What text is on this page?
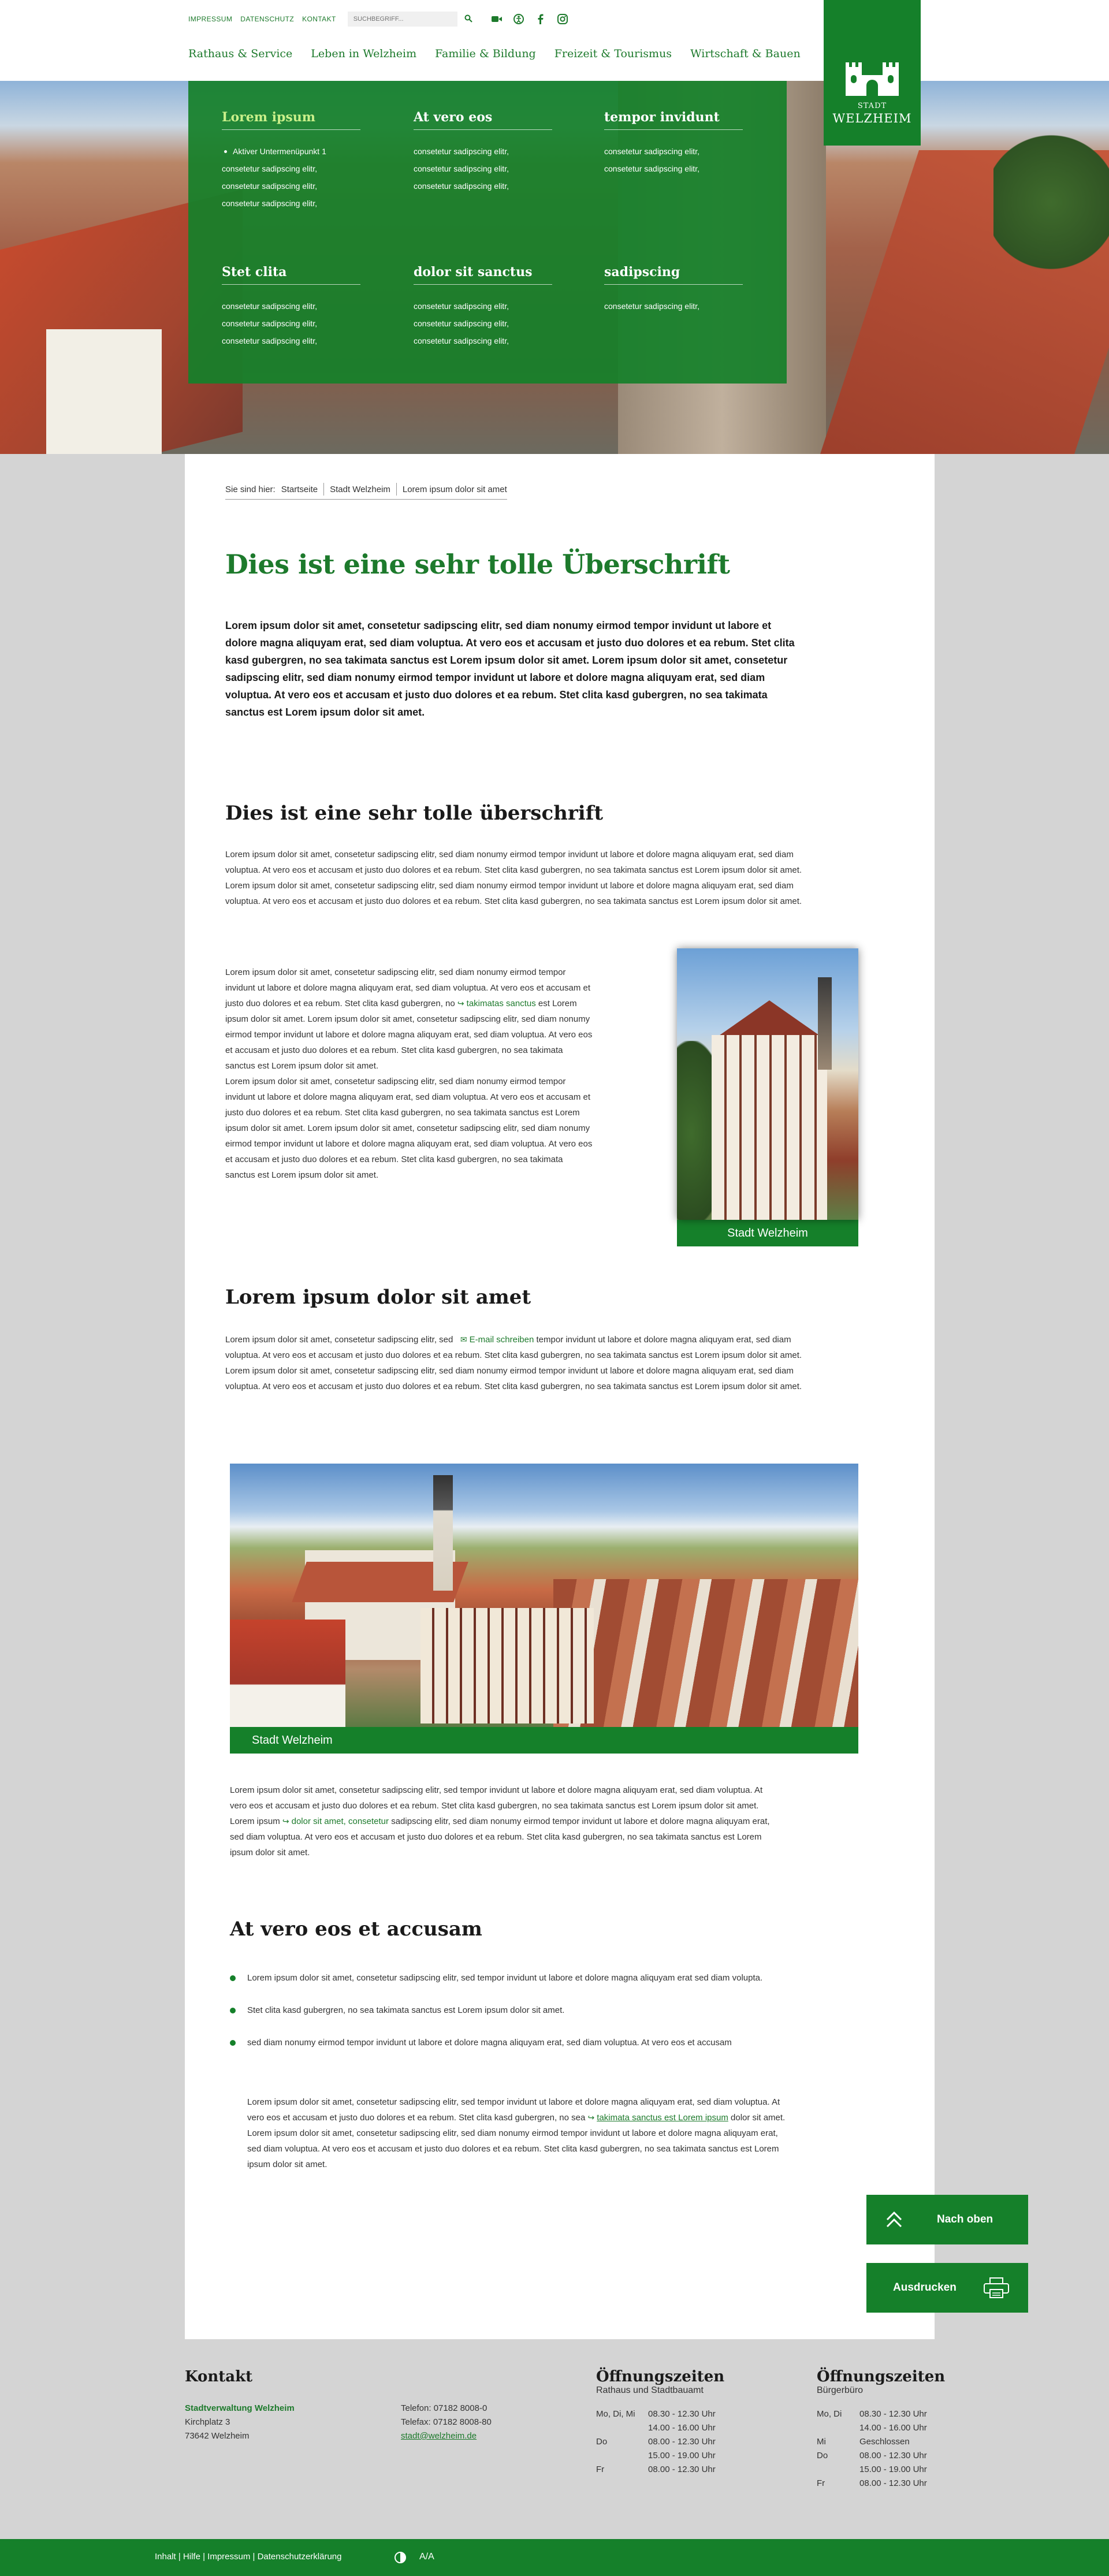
IMPRESSUM DATENSCHUTZ KONTAKT
SUCHBEGRIFF...
Rathaus & Service Leben in Welzheim Familie & Bildung Freizeit & Tourismus Wirtschaft & Bauen
STADT
WELZHEIM
Lorem ipsum
Aktiver Untermenüpunkt 1
consetetur sadipscing elitr,
consetetur sadipscing elitr,
consetetur sadipscing elitr,
At vero eos
consetetur sadipscing elitr,
consetetur sadipscing elitr,
consetetur sadipscing elitr,
tempor invidunt
consetetur sadipscing elitr,
consetetur sadipscing elitr,
Stet clita
consetetur sadipscing elitr,
consetetur sadipscing elitr,
consetetur sadipscing elitr,
dolor sit sanctus
consetetur sadipscing elitr,
consetetur sadipscing elitr,
consetetur sadipscing elitr,
sadipscing
consetetur sadipscing elitr,
Sie sind hier: Startseite	Stadt Welzheim	Lorem ipsum dolor sit amet
Dies ist eine sehr tolle Überschrift

Lorem ipsum dolor sit amet, consetetur sadipscing elitr, sed diam nonumy eirmod tempor invidunt ut labore et dolore magna aliquyam erat, sed diam voluptua. At vero eos et accusam et justo duo dolores et ea rebum. Stet clita kasd gubergren, no sea takimata sanctus est Lorem ipsum dolor sit amet. Lorem ipsum dolor sit amet, consetetur sadipscing elitr, sed diam nonumy eirmod tempor invidunt ut labore et dolore magna aliquyam erat, sed diam voluptua. At vero eos et accusam et justo duo dolores et ea rebum. Stet clita kasd gubergren, no sea takimata sanctus est Lorem ipsum dolor sit amet.

Dies ist eine sehr tolle überschrift

Lorem ipsum dolor sit amet, consetetur sadipscing elitr, sed diam nonumy eirmod tempor invidunt ut labore et dolore magna aliquyam erat, sed diam voluptua. At vero eos et accusam et justo duo dolores et ea rebum. Stet clita kasd gubergren, no sea takimata sanctus est Lorem ipsum dolor sit amet. Lorem ipsum dolor sit amet, consetetur sadipscing elitr, sed diam nonumy eirmod tempor invidunt ut labore et dolore magna aliquyam erat, sed diam voluptua. At vero eos et accusam et justo duo dolores et ea rebum. Stet clita kasd gubergren, no sea takimata sanctus est Lorem ipsum dolor sit amet.

Lorem ipsum dolor sit amet, consetetur sadipscing elitr, sed diam nonumy eirmod tempor invidunt ut labore et dolore magna aliquyam erat, sed diam voluptua. At vero eos et accusam et justo duo dolores et ea rebum. Stet clita kasd gubergren, no ↪ takimatas sanctus est Lorem ipsum dolor sit amet. Lorem ipsum dolor sit amet, consetetur sadipscing elitr, sed diam nonumy eirmod tempor invidunt ut labore et dolore magna aliquyam erat, sed diam voluptua. At vero eos et accusam et justo duo dolores et ea rebum. Stet clita kasd gubergren, no sea takimata sanctus est Lorem ipsum dolor sit amet.
Lorem ipsum dolor sit amet, consetetur sadipscing elitr, sed diam nonumy eirmod tempor invidunt ut labore et dolore magna aliquyam erat, sed diam voluptua. At vero eos et accusam et justo duo dolores et ea rebum. Stet clita kasd gubergren, no sea takimata sanctus est Lorem ipsum dolor sit amet. Lorem ipsum dolor sit amet, consetetur sadipscing elitr, sed diam nonumy eirmod tempor invidunt ut labore et dolore magna aliquyam erat, sed diam voluptua. At vero eos et accusam et justo duo dolores et ea rebum. Stet clita kasd gubergren, no sea takimata sanctus est Lorem ipsum dolor sit amet.
Stadt Welzheim
Lorem ipsum dolor sit amet
Lorem ipsum dolor sit amet, consetetur sadipscing elitr, sed ✉ E-mail schreiben tempor invidunt ut labore et dolore magna aliquyam erat, sed diam voluptua. At vero eos et accusam et justo duo dolores et ea rebum. Stet clita kasd gubergren, no sea takimata sanctus est Lorem ipsum dolor sit amet. Lorem ipsum dolor sit amet, consetetur sadipscing elitr, sed diam nonumy eirmod tempor invidunt ut labore et dolore magna aliquyam erat, sed diam voluptua. At vero eos et accusam et justo duo dolores et ea rebum. Stet clita kasd gubergren, no sea takimata sanctus est Lorem ipsum dolor sit amet.
Stadt Welzheim
Lorem ipsum dolor sit amet, consetetur sadipscing elitr, sed tempor invidunt ut labore et dolore magna aliquyam erat, sed diam voluptua. At vero eos et accusam et justo duo dolores et ea rebum. Stet clita kasd gubergren, no sea takimata sanctus est Lorem ipsum dolor sit amet. Lorem ipsum ↪ dolor sit amet, consetetur sadipscing elitr, sed diam nonumy eirmod tempor invidunt ut labore et dolore magna aliquyam erat, sed diam voluptua. At vero eos et accusam et justo duo dolores et ea rebum. Stet clita kasd gubergren, no sea takimata sanctus est Lorem ipsum dolor sit amet.
At vero eos et accusam
Lorem ipsum dolor sit amet, consetetur sadipscing elitr, sed tempor invidunt ut labore et dolore magna aliquyam erat sed diam volupta.
Stet clita kasd gubergren, no sea takimata sanctus est Lorem ipsum dolor sit amet.
sed diam nonumy eirmod tempor invidunt ut labore et dolore magna aliquyam erat, sed diam voluptua. At vero eos et accusam
Lorem ipsum dolor sit amet, consetetur sadipscing elitr, sed tempor invidunt ut labore et dolore magna aliquyam erat, sed diam voluptua. At vero eos et accusam et justo duo dolores et ea rebum. Stet clita kasd gubergren, no sea ↪ takimata sanctus est Lorem ipsum dolor sit amet. Lorem ipsum dolor sit amet, consetetur sadipscing elitr, sed diam nonumy eirmod tempor invidunt ut labore et dolore magna aliquyam erat, sed diam voluptua. At vero eos et accusam et justo duo dolores et ea rebum. Stet clita kasd gubergren, no sea takimata sanctus est Lorem ipsum dolor sit amet.
Nach oben
Ausdrucken
Kontakt
Stadtverwaltung Welzheim
Kirchplatz 3
73642 Welzheim
Telefon: 07182 8008-0
Telefax: 07182 8008-80
stadt@welzheim.de
Öffnungszeiten
Rathaus und Stadtbauamt
Mo, Di, Mi	08.30 - 12.30 Uhr
14.00 - 16.00 Uhr
Do	08.00 - 12.30 Uhr
15.00 - 19.00 Uhr
Fr	08.00 - 12.30 Uhr
Öffnungszeiten
Bürgerbüro
Mo, Di	08.30 - 12.30 Uhr
14.00 - 16.00 Uhr
Mi	Geschlossen
Do	08.00 - 12.30 Uhr
15.00 - 19.00 Uhr
Fr	08.00 - 12.30 Uhr
Inhalt | Hilfe | Impressum | Datenschutzerklärung	A/A
